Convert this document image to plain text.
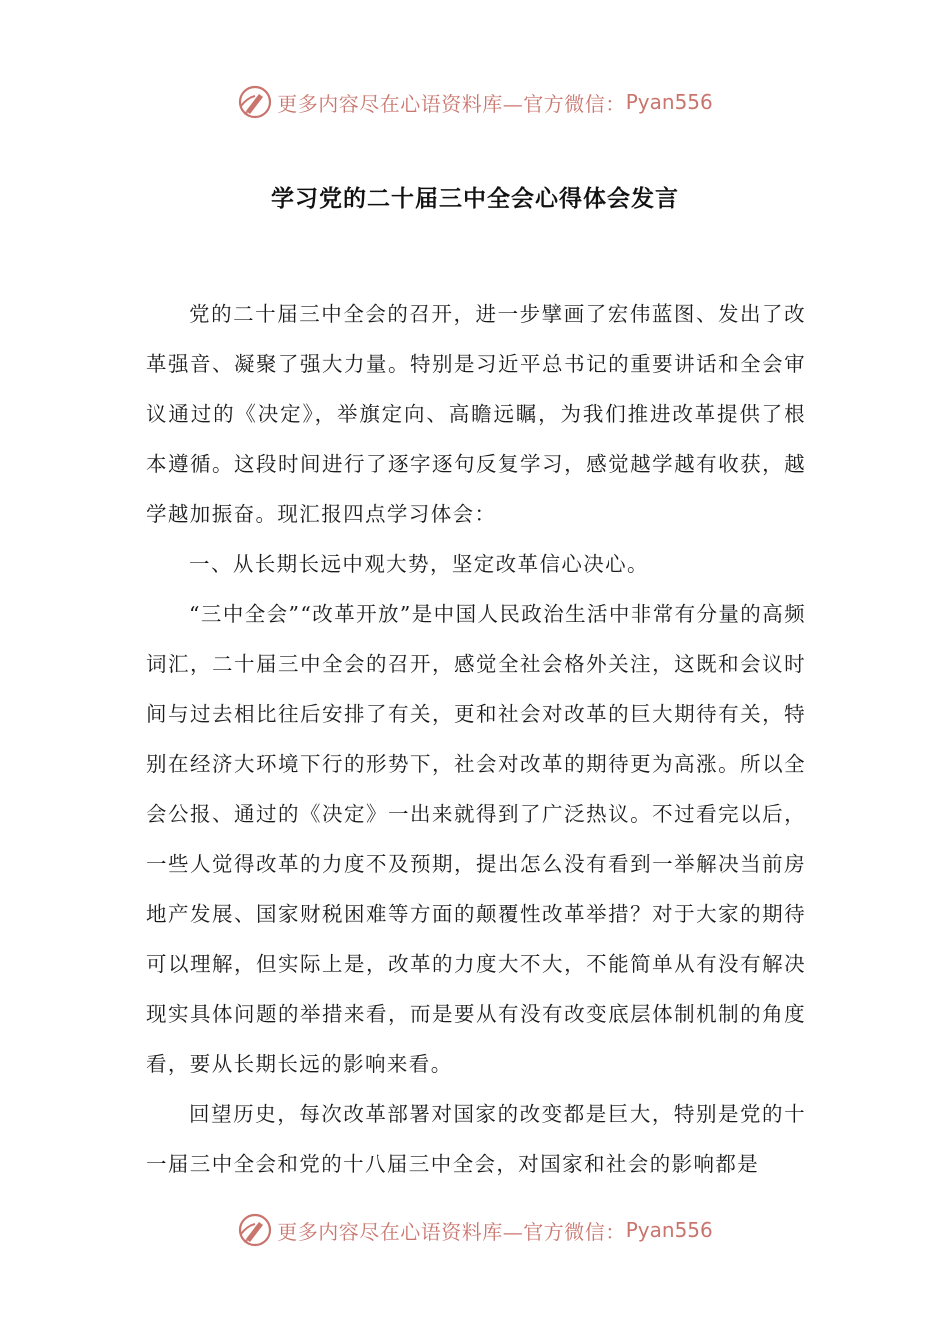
更多内容尽在心语资料库—官方微信： Pyan556
学习党的二十届三中全会心得体会发言

党的二十届三中全会的召开，进一步擘画了宏伟蓝图、发出了改革强音、凝聚了强大力量。特别是习近平总书记的重要讲话和全会审议通过的《决定》，举旗定向、高瞻远瞩，为我们推进改革提供了根本遵循。这段时间进行了逐字逐句反复学习，感觉越学越有收获，越学越加振奋。现汇报四点学习体会：

一、从长期长远中观大势，坚定改革信心决心。

“三中全会”“改革开放”是中国人民政治生活中非常有分量的高频词汇，二十届三中全会的召开，感觉全社会格外关注，这既和会议时间与过去相比往后安排了有关，更和社会对改革的巨大期待有关，特别在经济大环境下行的形势下，社会对改革的期待更为高涨。所以全会公报、通过的《决定》一出来就得到了广泛热议。不过看完以后，一些人觉得改革的力度不及预期，提出怎么没有看到一举解决当前房地产发展、国家财税困难等方面的颠覆性改革举措？对于大家的期待可以理解，但实际上是，改革的力度大不大，不能简单从有没有解决现实具体问题的举措来看，而是要从有没有改变底层体制机制的角度看，要从长期长远的影响来看。

回望历史，每次改革部署对国家的改变都是巨大，特别是党的十一届三中全会和党的十八届三中全会，对国家和社会的影响都是

更多内容尽在心语资料库—官方微信： Pyan556
